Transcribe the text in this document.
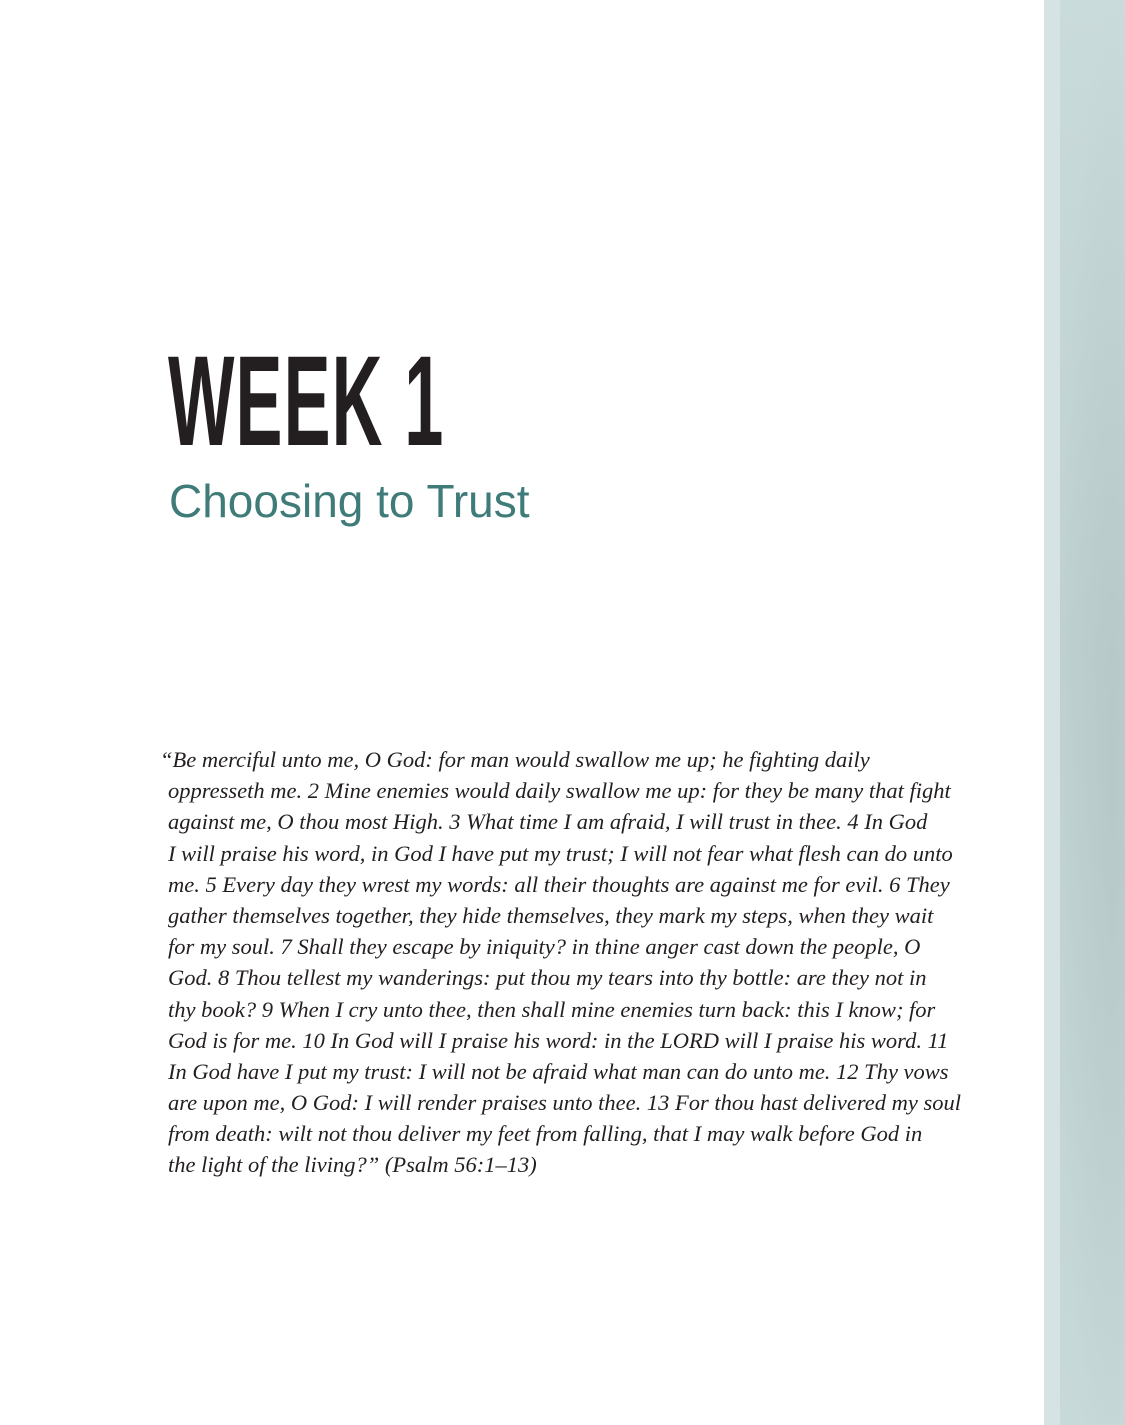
WEEK 1
Choosing to Trust
“Be merciful unto me, O God: for man would swallow me up; he fighting daily
oppresseth me. 2 Mine enemies would daily swallow me up: for they be many that fight
against me, O thou most High. 3 What time I am afraid, I will trust in thee. 4 In God
I will praise his word, in God I have put my trust; I will not fear what flesh can do unto
me. 5 Every day they wrest my words: all their thoughts are against me for evil. 6 They
gather themselves together, they hide themselves, they mark my steps, when they wait
for my soul. 7 Shall they escape by iniquity? in thine anger cast down the people, O
God. 8 Thou tellest my wanderings: put thou my tears into thy bottle: are they not in
thy book? 9 When I cry unto thee, then shall mine enemies turn back: this I know; for
God is for me. 10 In God will I praise his word: in the LORD will I praise his word. 11
In God have I put my trust: I will not be afraid what man can do unto me. 12 Thy vows
are upon me, O God: I will render praises unto thee. 13 For thou hast delivered my soul
from death: wilt not thou deliver my feet from falling, that I may walk before God in
the light of the living?” (Psalm 56:1–13)
